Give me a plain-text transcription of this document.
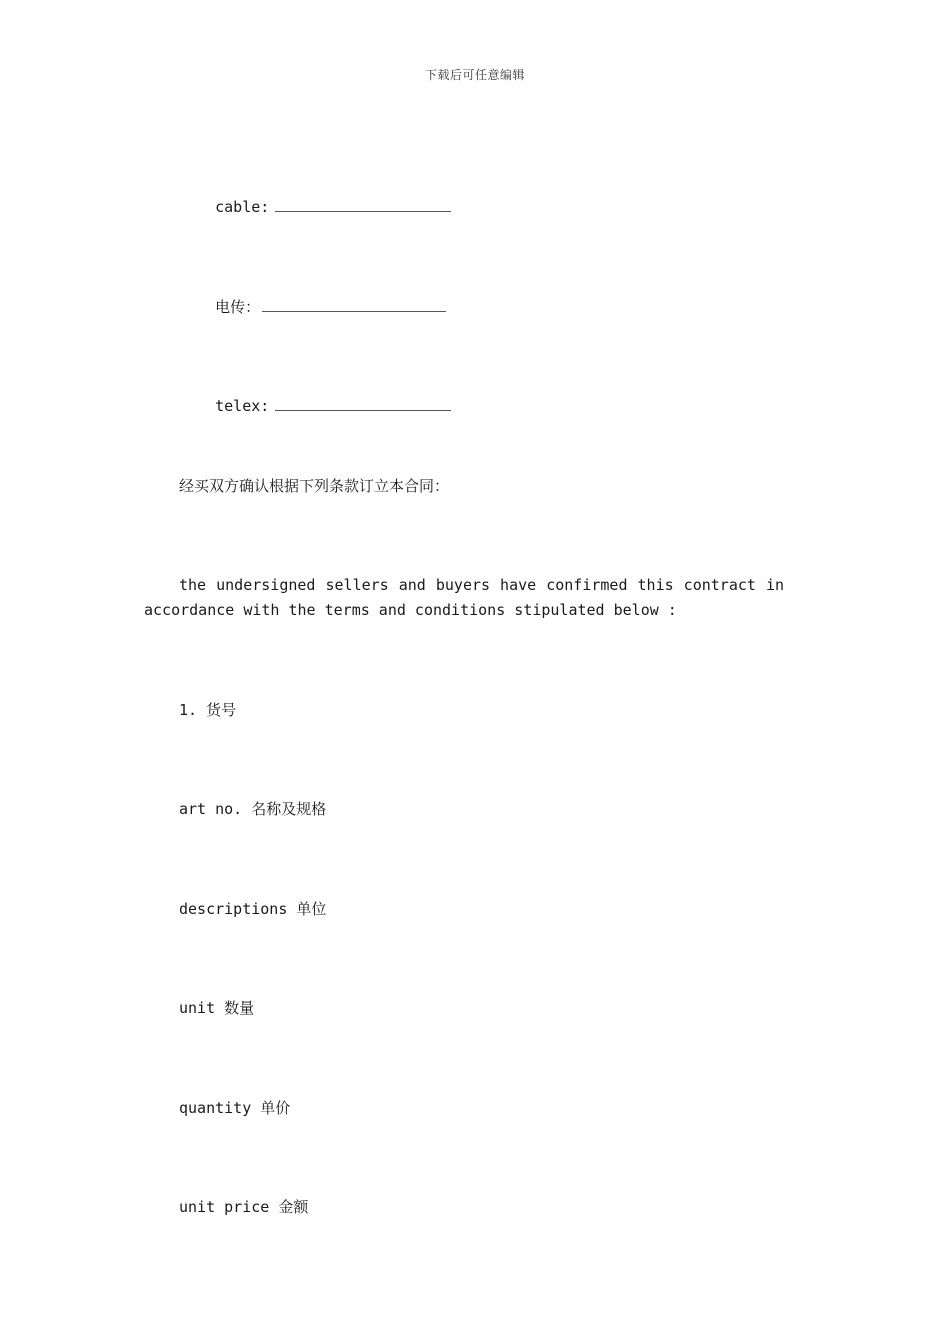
下载后可任意编辑

cable:

电传：

telex:

经买双方确认根据下列条款订立本合同：
the undersigned sellers and buyers have confirmed this contract in accordance with the terms and conditions stipulated below :
1. 货号
art no. 名称及规格
descriptions 单位
unit 数量
quantity 单价
unit price 金额
